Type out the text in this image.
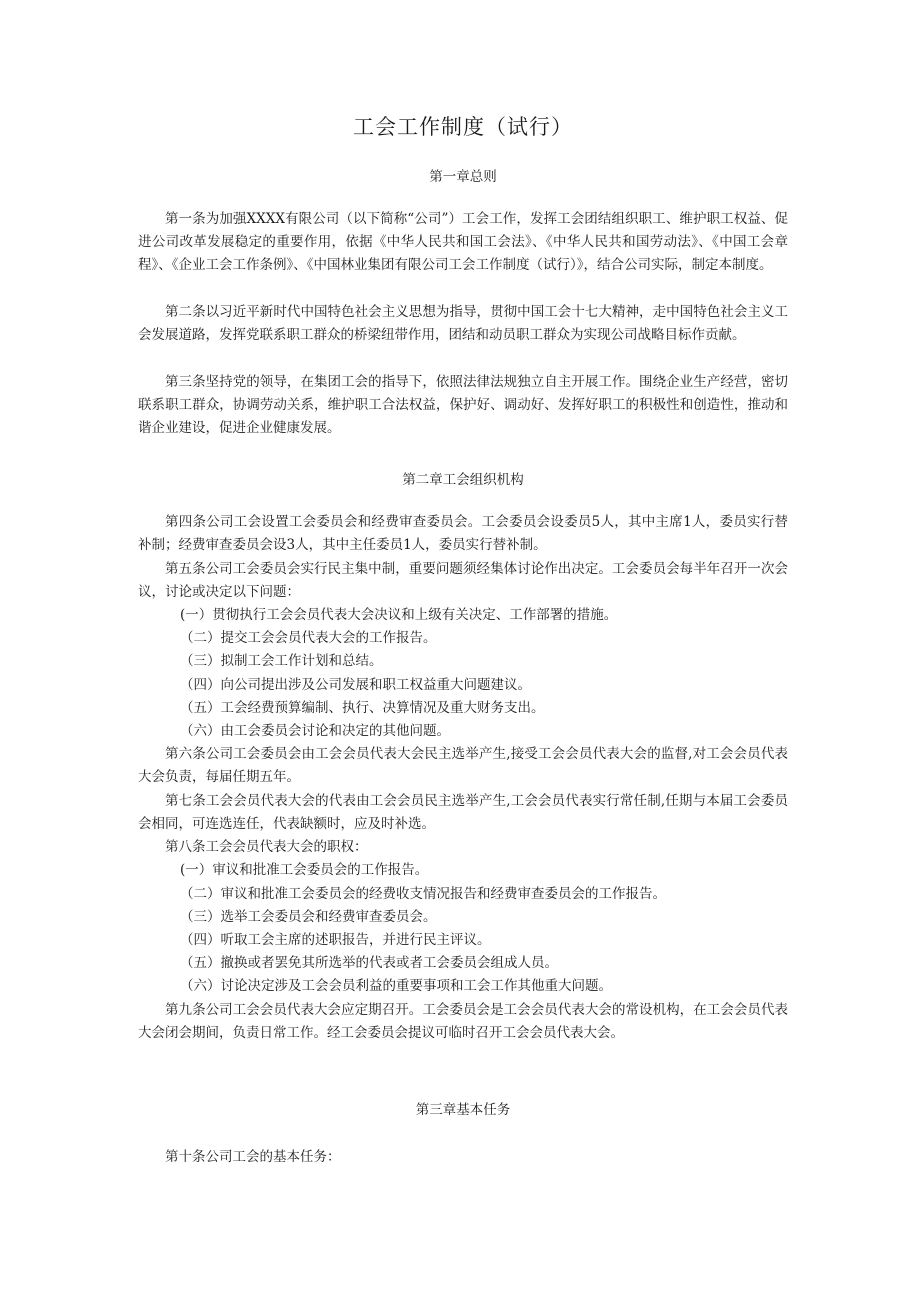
工会工作制度（试行）
第一章总则

第一条为加强XXXX有限公司（以下简称“公司”）工会工作，发挥工会团结组织职工、维护职工权益、促进公司改革发展稳定的重要作用，依据《中华人民共和国工会法》、《中华人民共和国劳动法》、《中国工会章程》、《企业工会工作条例》、《中国林业集团有限公司工会工作制度（试行）》，结合公司实际，制定本制度。

第二条以习近平新时代中国特色社会主义思想为指导，贯彻中国工会十七大精神，走中国特色社会主义工会发展道路，发挥党联系职工群众的桥梁纽带作用，团结和动员职工群众为实现公司战略目标作贡献。

第三条坚持党的领导，在集团工会的指导下，依照法律法规独立自主开展工作。围绕企业生产经营，密切联系职工群众，协调劳动关系，维护职工合法权益，保护好、调动好、发挥好职工的积极性和创造性，推动和谐企业建设，促进企业健康发展。

第二章工会组织机构

第四条公司工会设置工会委员会和经费审查委员会。工会委员会设委员5人，其中主席1人，委员实行替补制；经费审查委员会设3人，其中主任委员1人，委员实行替补制。

第五条公司工会委员会实行民主集中制，重要问题须经集体讨论作出决定。工会委员会每半年召开一次会议，讨论或决定以下问题：

(一）贯彻执行工会会员代表大会决议和上级有关决定、工作部署的措施。

（二）提交工会会员代表大会的工作报告。

（三）拟制工会工作计划和总结。

（四）向公司提出涉及公司发展和职工权益重大问题建议。

（五）工会经费预算编制、执行、决算情况及重大财务支出。

（六）由工会委员会讨论和决定的其他问题。

第六条公司工会委员会由工会会员代表大会民主选举产生,接受工会会员代表大会的监督,对工会会员代表大会负责，每届任期五年。

第七条工会会员代表大会的代表由工会会员民主选举产生,工会会员代表实行常任制,任期与本届工会委员会相同，可连选连任，代表缺额时，应及时补选。

第八条工会会员代表大会的职权：

(一）审议和批准工会委员会的工作报告。

（二）审议和批准工会委员会的经费收支情况报告和经费审查委员会的工作报告。

（三）选举工会委员会和经费审查委员会。

（四）听取工会主席的述职报告，并进行民主评议。

（五）撤换或者罢免其所选举的代表或者工会委员会组成人员。

（六）讨论决定涉及工会会员利益的重要事项和工会工作其他重大问题。

第九条公司工会会员代表大会应定期召开。工会委员会是工会会员代表大会的常设机构，在工会会员代表大会闭会期间，负责日常工作。经工会委员会提议可临时召开工会会员代表大会。

第三章基本任务

第十条公司工会的基本任务：
